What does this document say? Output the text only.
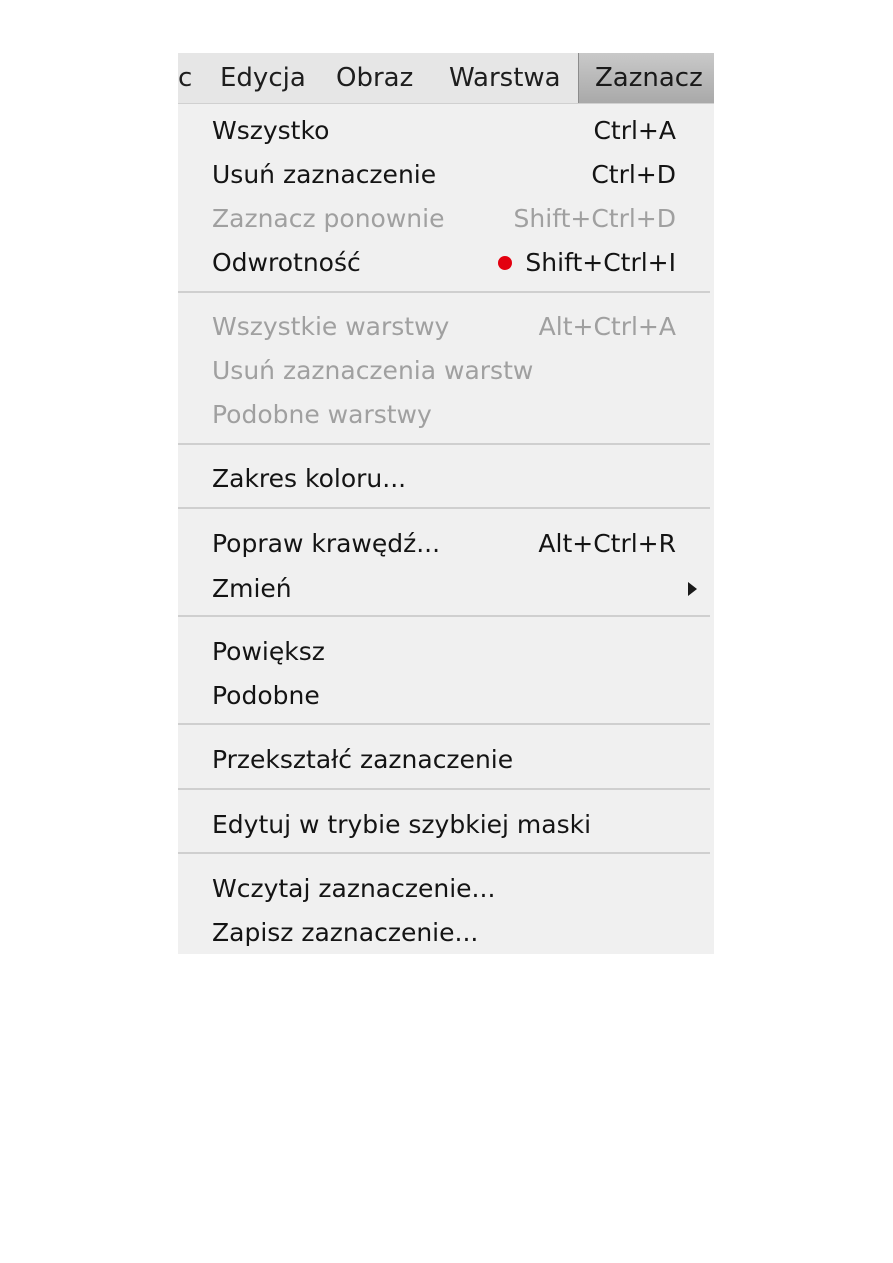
c Edycja Obraz Warstwa	Zaznacz
Wszystko	Ctrl+A
Usuń zaznaczenie	Ctrl+D
Zaznacz ponownie	Shift+Ctrl+D
Odwrotność	Shift+Ctrl+I
Wszystkie warstwy	Alt+Ctrl+A
Usuń zaznaczenia warstw
Podobne warstwy
Zakres koloru...
Popraw krawędź...	Alt+Ctrl+R
Zmień
Powiększ
Podobne
Przekształć zaznaczenie
Edytuj w trybie szybkiej maski
Wczytaj zaznaczenie...
Zapisz zaznaczenie...
